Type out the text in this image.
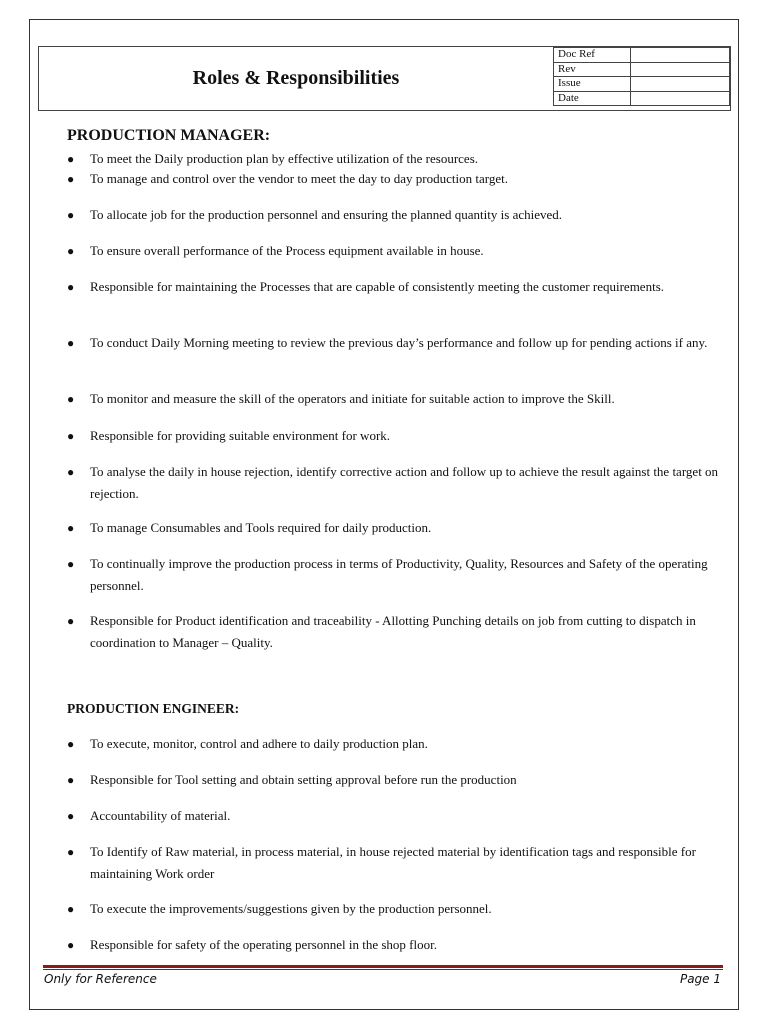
Roles & Responsibilities
Doc Ref	
Rev	
Issue	
Date	
PRODUCTION MANAGER:
●	To meet the Daily production plan by effective utilization of the resources.
●	To manage and control over the vendor to meet the day to day production target.
●	To allocate job for the production personnel and ensuring the planned quantity is achieved.
●	To ensure overall performance of the Process equipment available in house.
●	Responsible for maintaining the Processes that are capable of consistently meeting the customer requirements.
●	To conduct Daily Morning meeting to review the previous day’s performance and follow up for pending actions if any.
●	To monitor and measure the skill of the operators and initiate for suitable action to improve the Skill.
●	Responsible for providing suitable environment for work.
●	To analyse the daily in house rejection, identify corrective action and follow up to achieve the result against the target on rejection.
●	To manage Consumables and Tools required for daily production.
●	To continually improve the production process in terms of Productivity, Quality, Resources and Safety of the operating personnel.
●	Responsible for Product identification and traceability - Allotting Punching details on job from cutting to dispatch in coordination to Manager – Quality.
PRODUCTION ENGINEER:
●	To execute, monitor, control and adhere to daily production plan.
●	Responsible for Tool setting and obtain setting approval before run the production
●	Accountability of material.
●	To Identify of Raw material, in process material, in house rejected material by identification tags and responsible for maintaining Work order
●	To execute the improvements/suggestions given by the production personnel.
●	Responsible for safety of the operating personnel in the shop floor.
Only for Reference	Page 1
